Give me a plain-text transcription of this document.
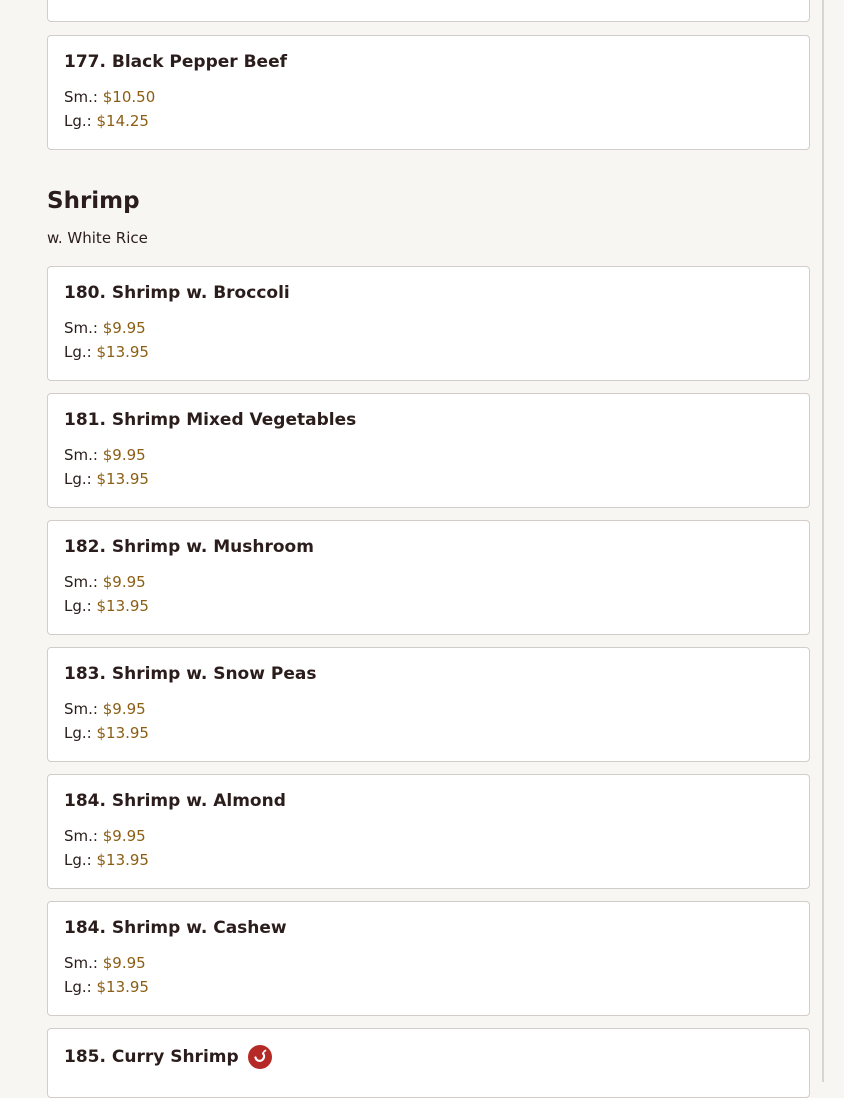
177. Black Pepper Beef
Sm.: $10.50
Lg.: $14.25
Shrimp
w. White Rice
180. Shrimp w. Broccoli
Sm.: $9.95
Lg.: $13.95
181. Shrimp Mixed Vegetables
Sm.: $9.95
Lg.: $13.95
182. Shrimp w. Mushroom
Sm.: $9.95
Lg.: $13.95
183. Shrimp w. Snow Peas
Sm.: $9.95
Lg.: $13.95
184. Shrimp w. Almond
Sm.: $9.95
Lg.: $13.95
184. Shrimp w. Cashew
Sm.: $9.95
Lg.: $13.95
185. Curry Shrimp
